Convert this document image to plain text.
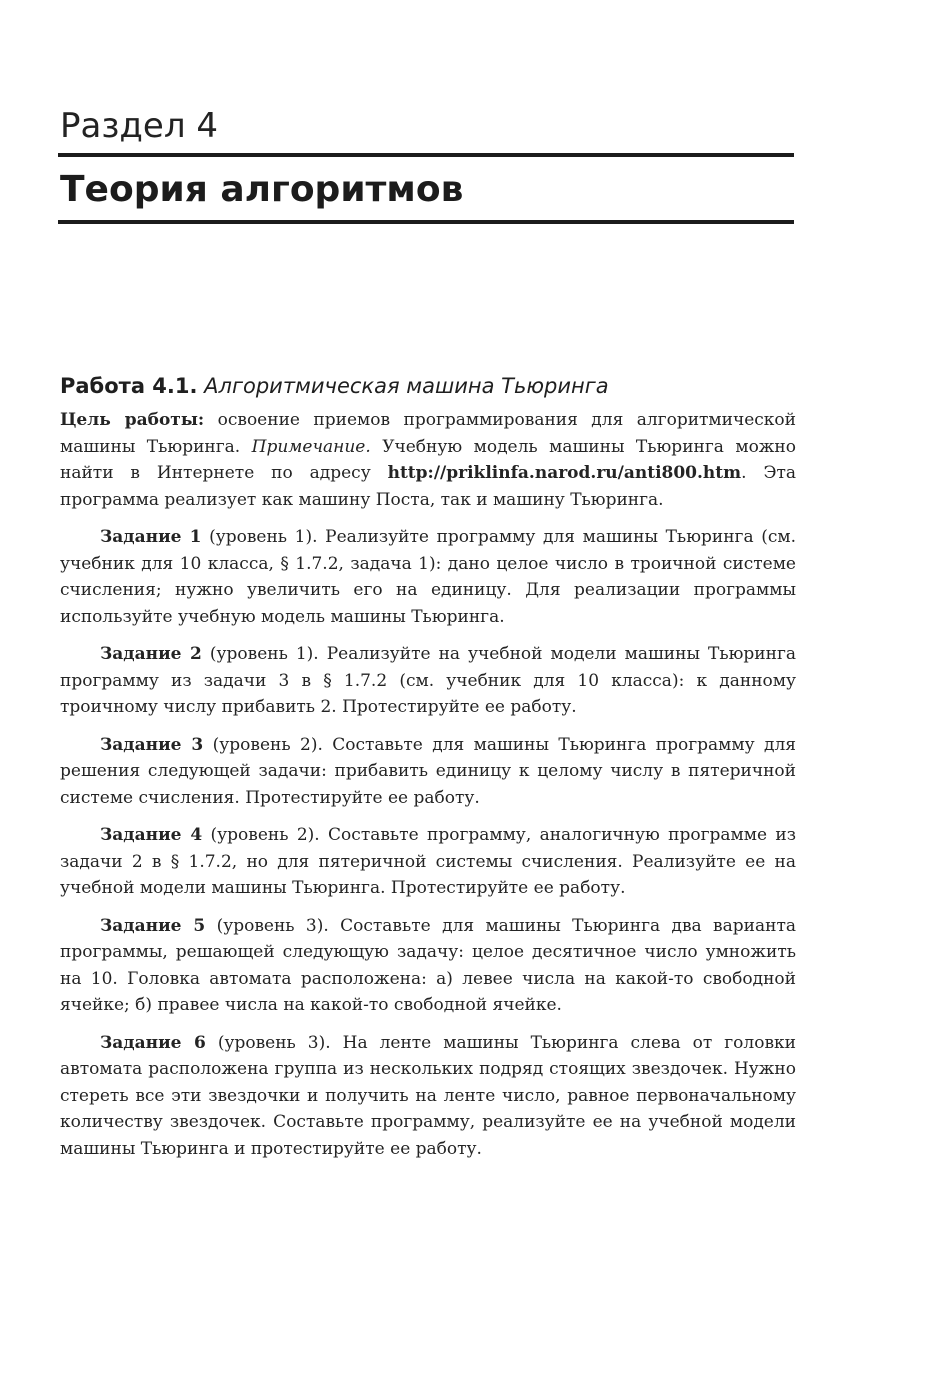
Раздел 4
Теория алгоритмов
Работа 4.1. Алгоритмическая машина Тьюринга

Цель работы: освоение приемов программирования для алгоритмической машины Тьюринга. Примечание. Учебную модель машины Тьюринга можно найти в Интернете по адресу http://priklinfa.narod.ru/anti800.htm. Эта программа реализует как машину Поста, так и машину Тьюринга.

Задание 1 (уровень 1). Реализуйте программу для машины Тьюринга (см. учебник для 10 класса, § 1.7.2, задача 1): дано целое число в троичной системе счисления; нужно увеличить его на единицу. Для реализации программы используйте учебную модель машины Тьюринга.

Задание 2 (уровень 1). Реализуйте на учебной модели машины Тьюринга программу из задачи 3 в § 1.7.2 (см. учебник для 10 класса): к данному троичному числу прибавить 2. Протестируйте ее работу.

Задание 3 (уровень 2). Составьте для машины Тьюринга программу для решения следующей задачи: прибавить единицу к целому числу в пятеричной системе счисления. Протестируйте ее работу.

Задание 4 (уровень 2). Составьте программу, аналогичную программе из задачи 2 в § 1.7.2, но для пятеричной системы счисления. Реализуйте ее на учебной модели машины Тьюринга. Протестируйте ее работу.

Задание 5 (уровень 3). Составьте для машины Тьюринга два варианта программы, решающей следующую задачу: целое десятичное число умножить на 10. Головка автомата расположена: а) левее числа на какой-то свободной ячейке; б) правее числа на какой-то свободной ячейке.

Задание 6 (уровень 3). На ленте машины Тьюринга слева от головки автомата расположена группа из нескольких подряд стоящих звездочек. Нужно стереть все эти звездочки и получить на ленте число, равное первоначальному количеству звездочек. Составьте программу, реализуйте ее на учебной модели машины Тьюринга и протестируйте ее работу.
